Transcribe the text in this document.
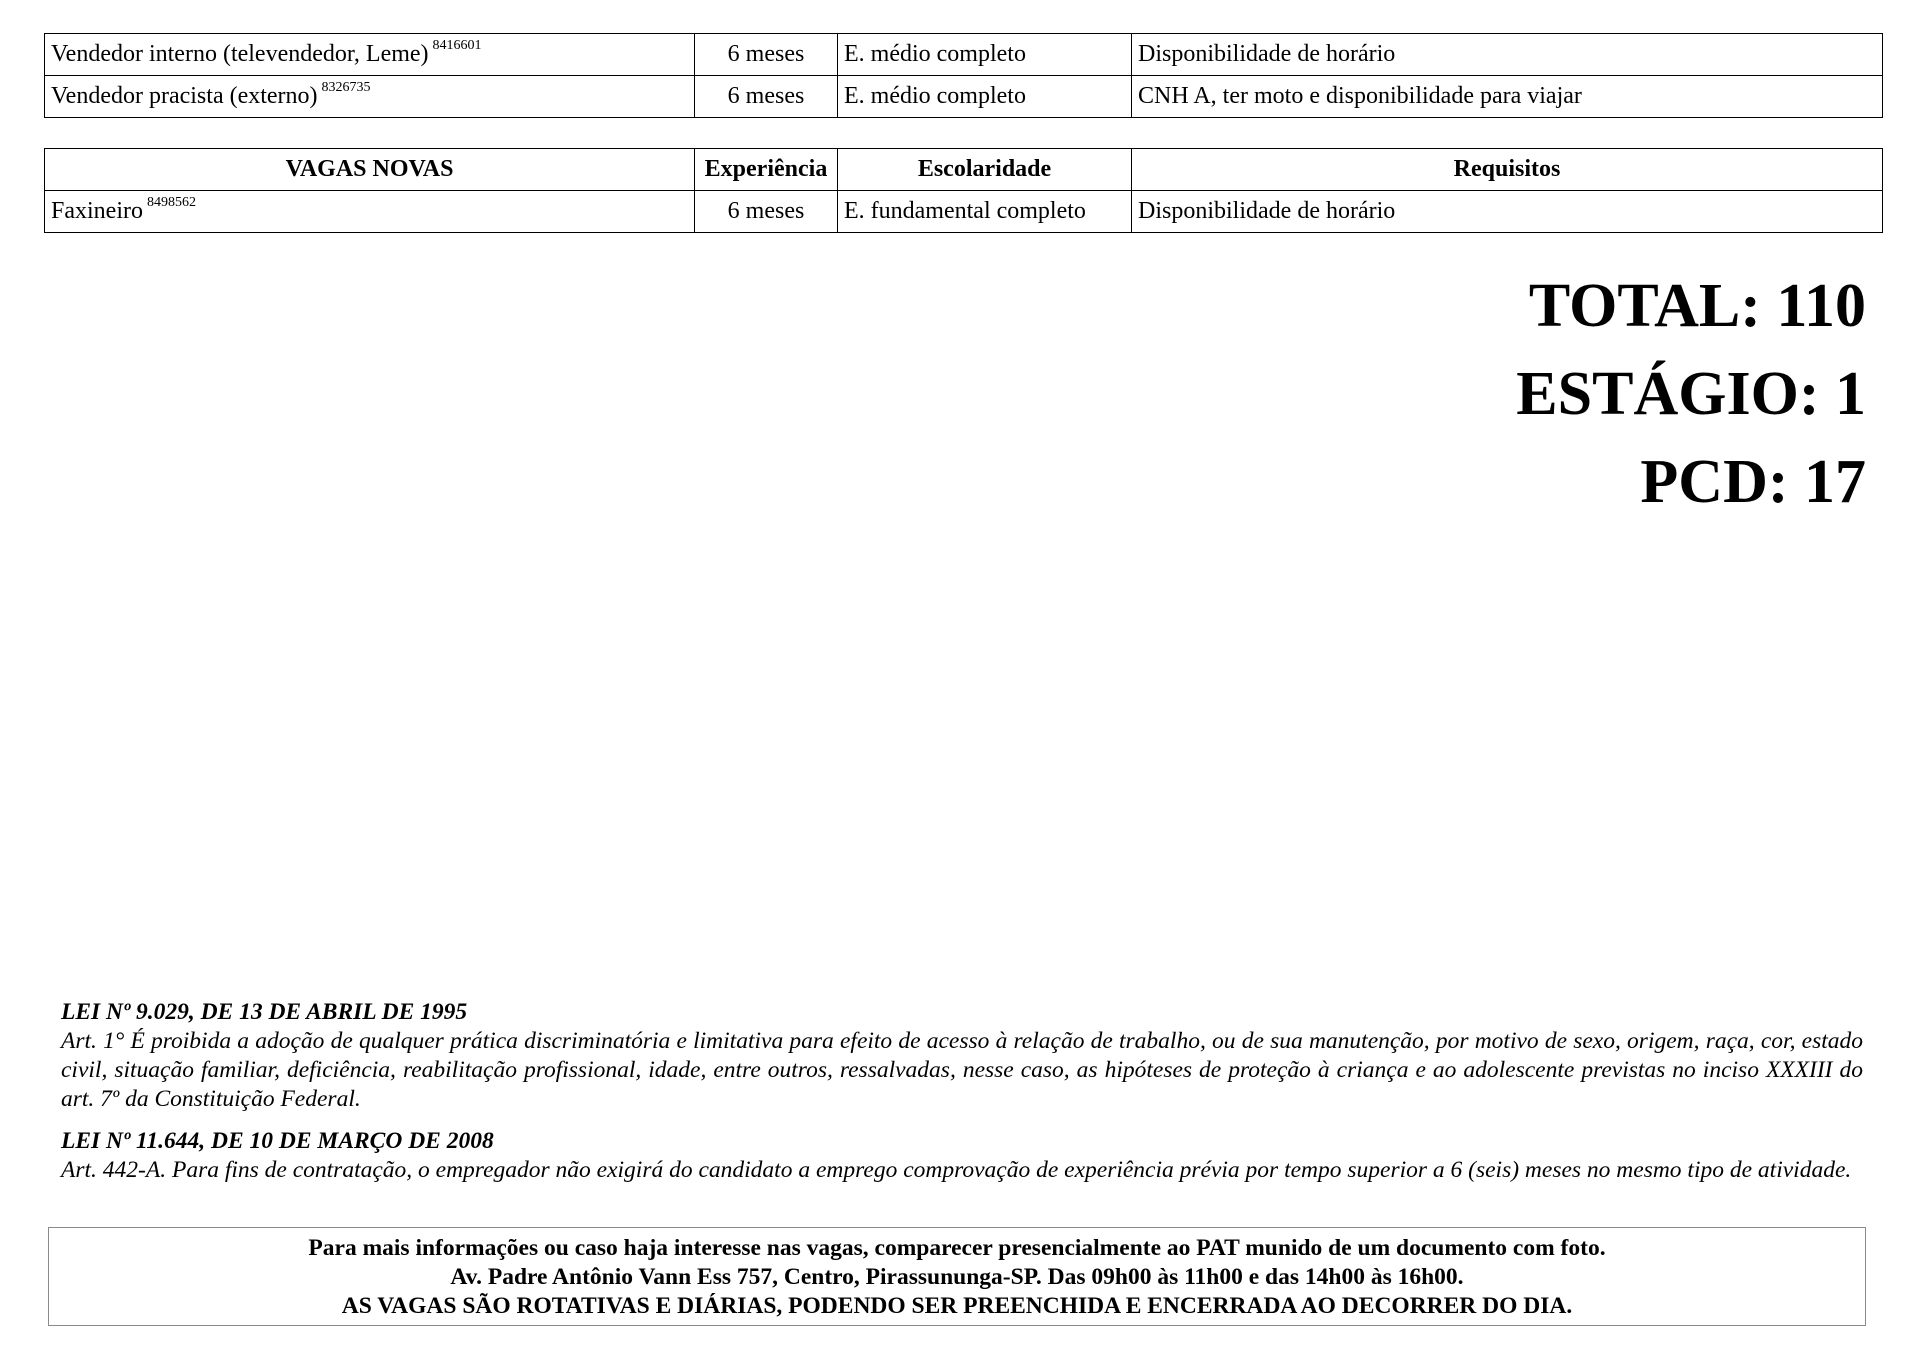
Vendedor interno (televendedor, Leme) $^{8416601}$	6 meses	E. médio completo	Disponibilidade de horário
Vendedor pracista (externo) $^{8326735}$	6 meses	E. médio completo	CNH A, ter moto e disponibilidade para viajar
VAGAS NOVAS	Experiência	Escolaridade	Requisitos
Faxineiro $^{8498562}$	6 meses	E. fundamental completo	Disponibilidade de horário
TOTAL: 110
ESTÁGIO: 1
PCD: 17
LEI Nº 9.029, DE 13 DE ABRIL DE 1995
Art. 1° É proibida a adoção de qualquer prática discriminatória e limitativa para efeito de acesso à relação de trabalho, ou de sua manutenção, por motivo de sexo, origem, raça, cor, estado civil, situação familiar, deficiência, reabilitação profissional, idade, entre outros, ressalvadas, nesse caso, as hipóteses de proteção à criança e ao adolescente previstas no inciso XXXIII do art. 7º da Constituição Federal.
LEI Nº 11.644, DE 10 DE MARÇO DE 2008
Art. 442-A. Para fins de contratação, o empregador não exigirá do candidato a emprego comprovação de experiência prévia por tempo superior a 6 (seis) meses no mesmo tipo de atividade.
Para mais informações ou caso haja interesse nas vagas, comparecer presencialmente ao PAT munido de um documento com foto.
Av. Padre Antônio Vann Ess 757, Centro, Pirassununga-SP. Das 09h00 às 11h00 e das 14h00 às 16h00.
AS VAGAS SÃO ROTATIVAS E DIÁRIAS, PODENDO SER PREENCHIDA E ENCERRADA AO DECORRER DO DIA.
